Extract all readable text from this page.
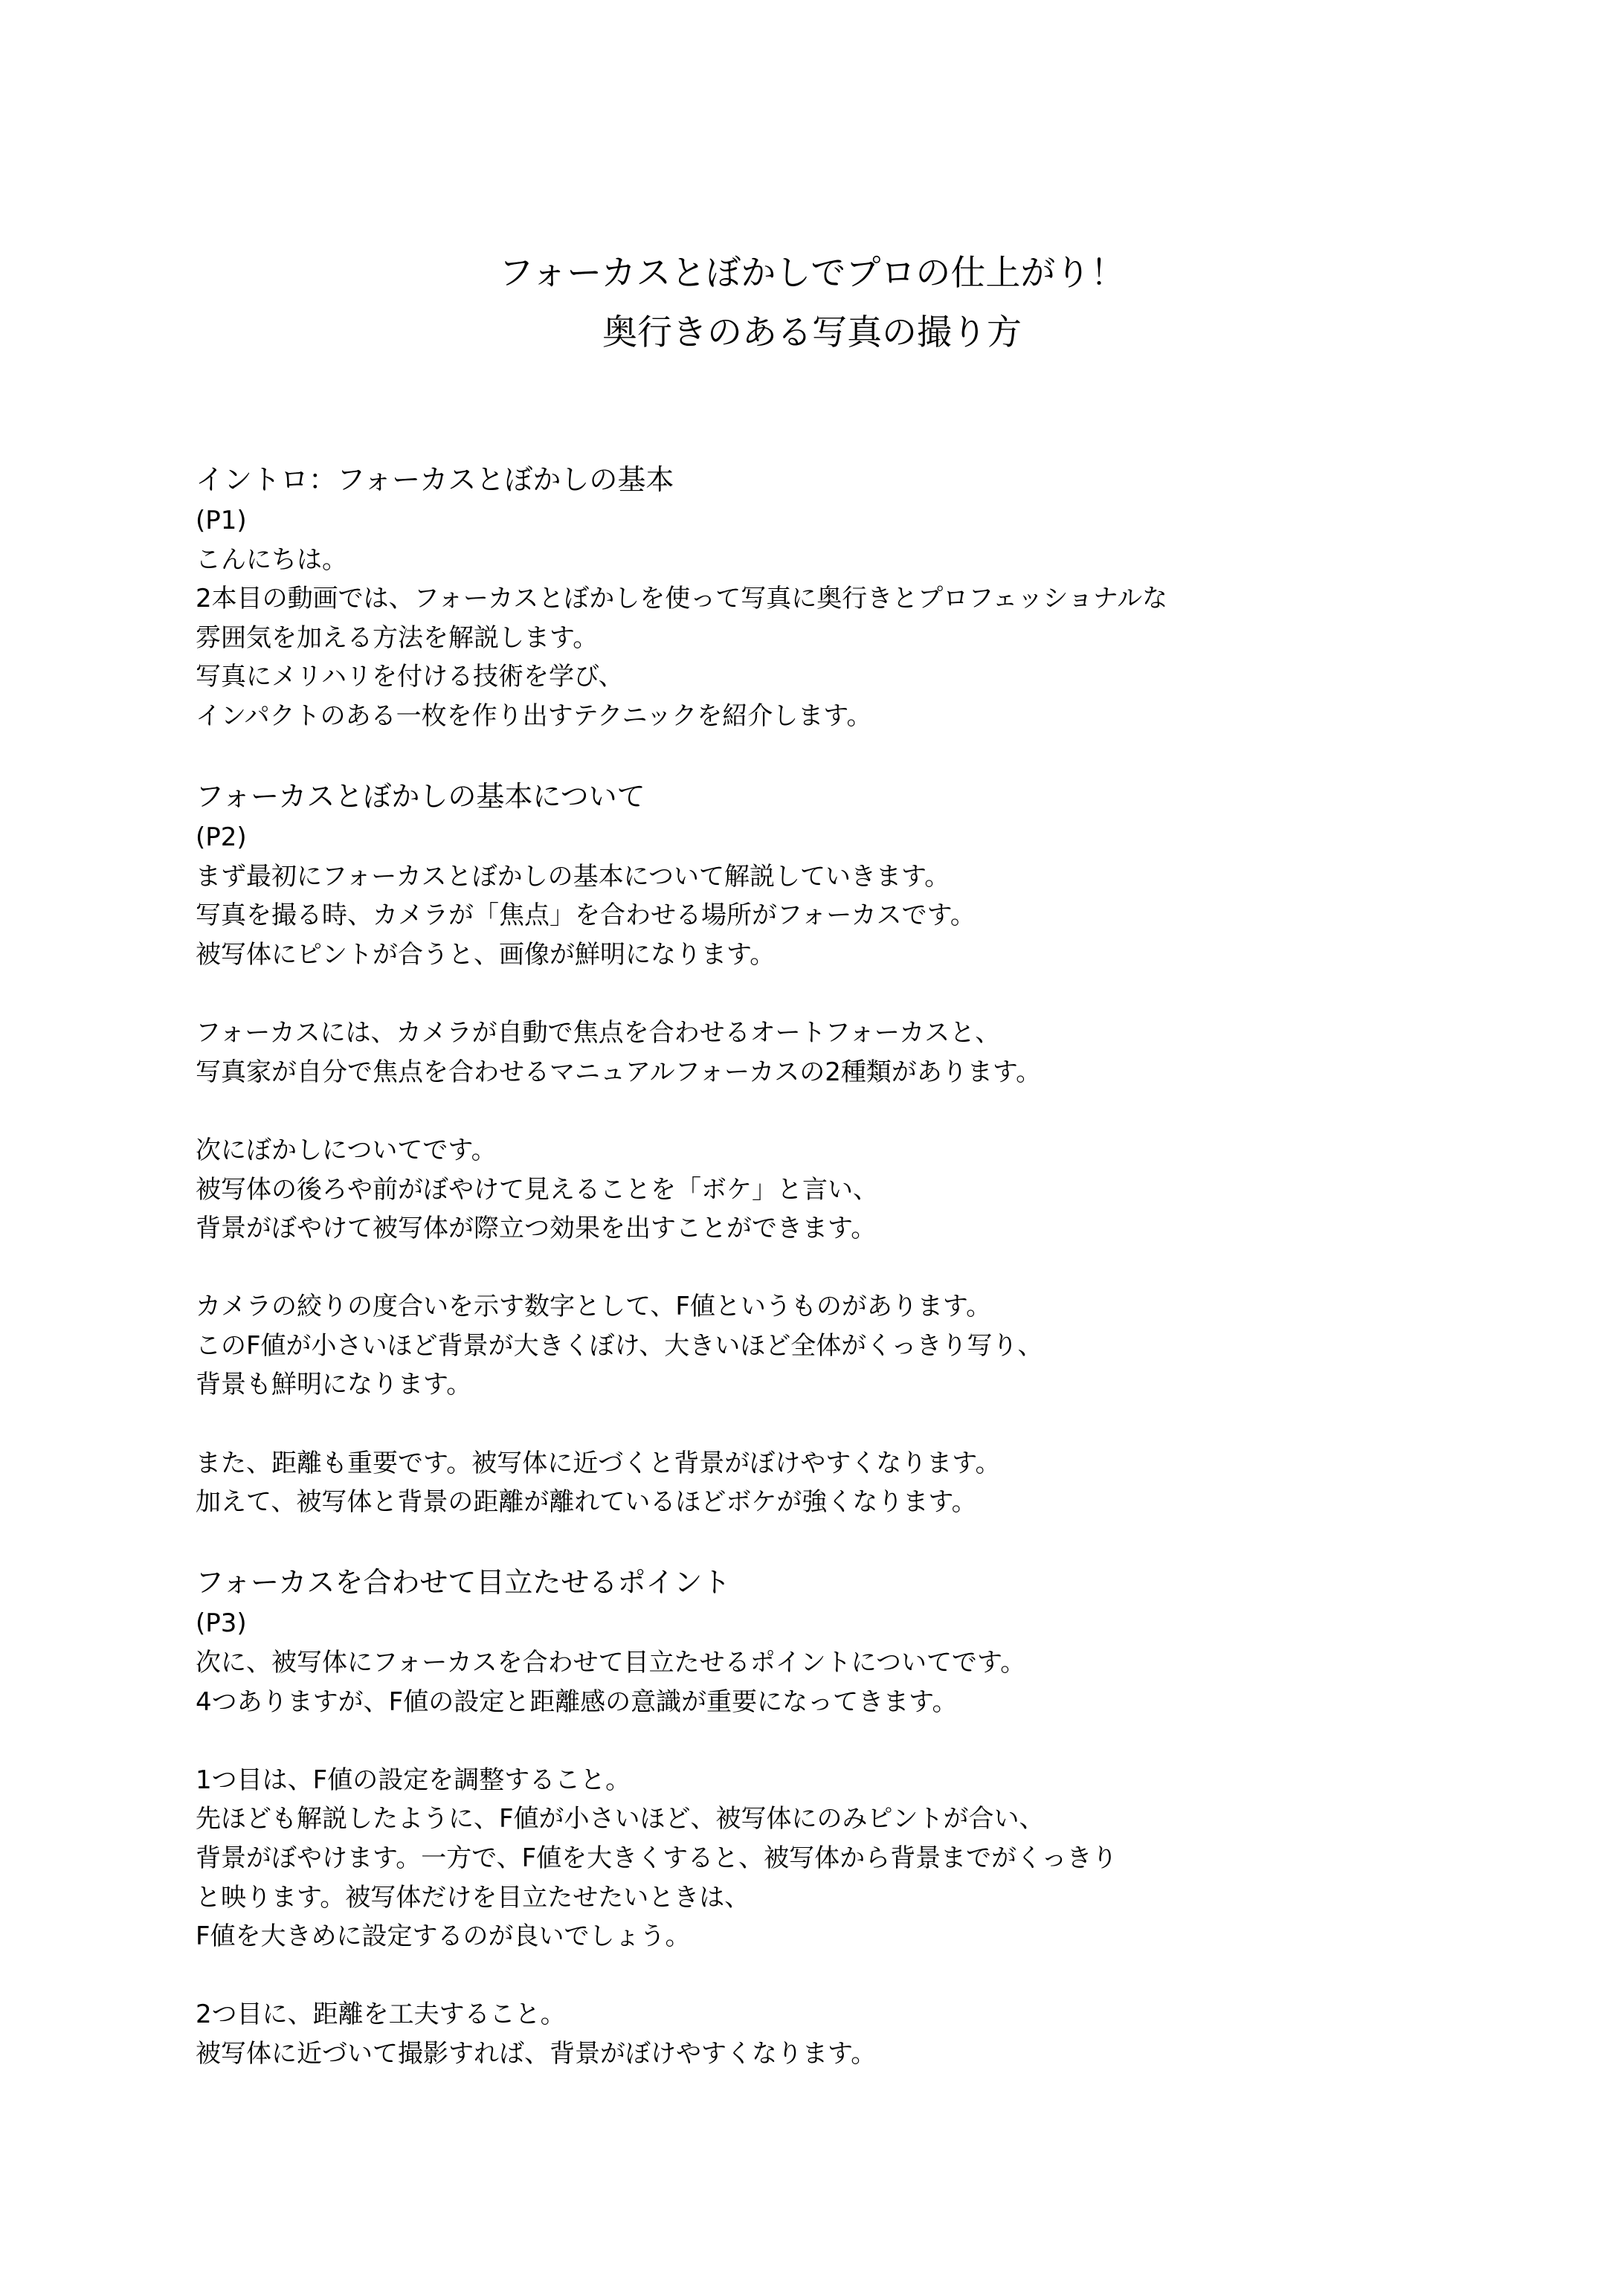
フォーカスとぼかしでプロの仕上がり！
奥行きのある写真の撮り方
イントロ：フォーカスとぼかしの基本
(P1)
こんにちは。
2本目の動画では、フォーカスとぼかしを使って写真に奥行きとプロフェッショナルな
雰囲気を加える方法を解説します。
写真にメリハリを付ける技術を学び、
インパクトのある一枚を作り出すテクニックを紹介します。
フォーカスとぼかしの基本について
(P2)
まず最初にフォーカスとぼかしの基本について解説していきます。
写真を撮る時、カメラが「焦点」を合わせる場所がフォーカスです。
被写体にピントが合うと、画像が鮮明になります。
フォーカスには、カメラが自動で焦点を合わせるオートフォーカスと、
写真家が自分で焦点を合わせるマニュアルフォーカスの2種類があります。
次にぼかしについてです。
被写体の後ろや前がぼやけて見えることを「ボケ」と言い、
背景がぼやけて被写体が際立つ効果を出すことができます。
カメラの絞りの度合いを示す数字として、F値というものがあります。
このF値が小さいほど背景が大きくぼけ、大きいほど全体がくっきり写り、
背景も鮮明になります。
また、距離も重要です。被写体に近づくと背景がぼけやすくなります。
加えて、被写体と背景の距離が離れているほどボケが強くなります。
フォーカスを合わせて目立たせるポイント
(P3)
次に、被写体にフォーカスを合わせて目立たせるポイントについてです。
4つありますが、F値の設定と距離感の意識が重要になってきます。
1つ目は、F値の設定を調整すること。
先ほども解説したように、F値が小さいほど、被写体にのみピントが合い、
背景がぼやけます。一方で、F値を大きくすると、被写体から背景までがくっきり
と映ります。被写体だけを目立たせたいときは、
F値を大きめに設定するのが良いでしょう。
2つ目に、距離を工夫すること。
被写体に近づいて撮影すれば、背景がぼけやすくなります。
